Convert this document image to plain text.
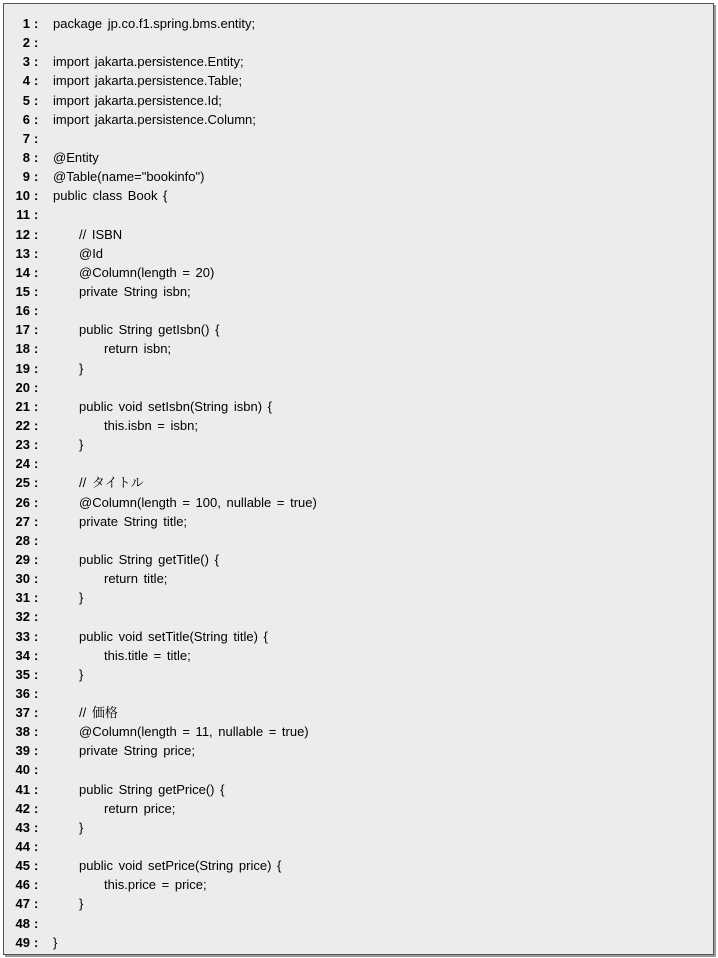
1 : package jp.co.f1.spring.bms.entity;
2 :
3 : import jakarta.persistence.Entity;
4 : import jakarta.persistence.Table;
5 : import jakarta.persistence.Id;
6 : import jakarta.persistence.Column;
7 :
8 : @Entity
9 : @Table(name="bookinfo")
10 : public class Book {
11 :
12 :	// ISBN
13 :	@Id
14 :	@Column(length = 20)
15 :	private String isbn;
16 :
17 :	public String getIsbn() {
18 :	return isbn;
19 :	}
20 :
21 :	public void setIsbn(String isbn) {
22 :	this.isbn = isbn;
23 :	}
24 :
25 :	// タイトル
26 :	@Column(length = 100, nullable = true)
27 :	private String title;
28 :
29 :	public String getTitle() {
30 :	return title;
31 :	}
32 :
33 :	public void setTitle(String title) {
34 :	this.title = title;
35 :	}
36 :
37 :	// 価格
38 :	@Column(length = 11, nullable = true)
39 :	private String price;
40 :
41 :	public String getPrice() {
42 :	return price;
43 :	}
44 :
45 :	public void setPrice(String price) {
46 :	this.price = price;
47 :	}
48 :
49 : }
